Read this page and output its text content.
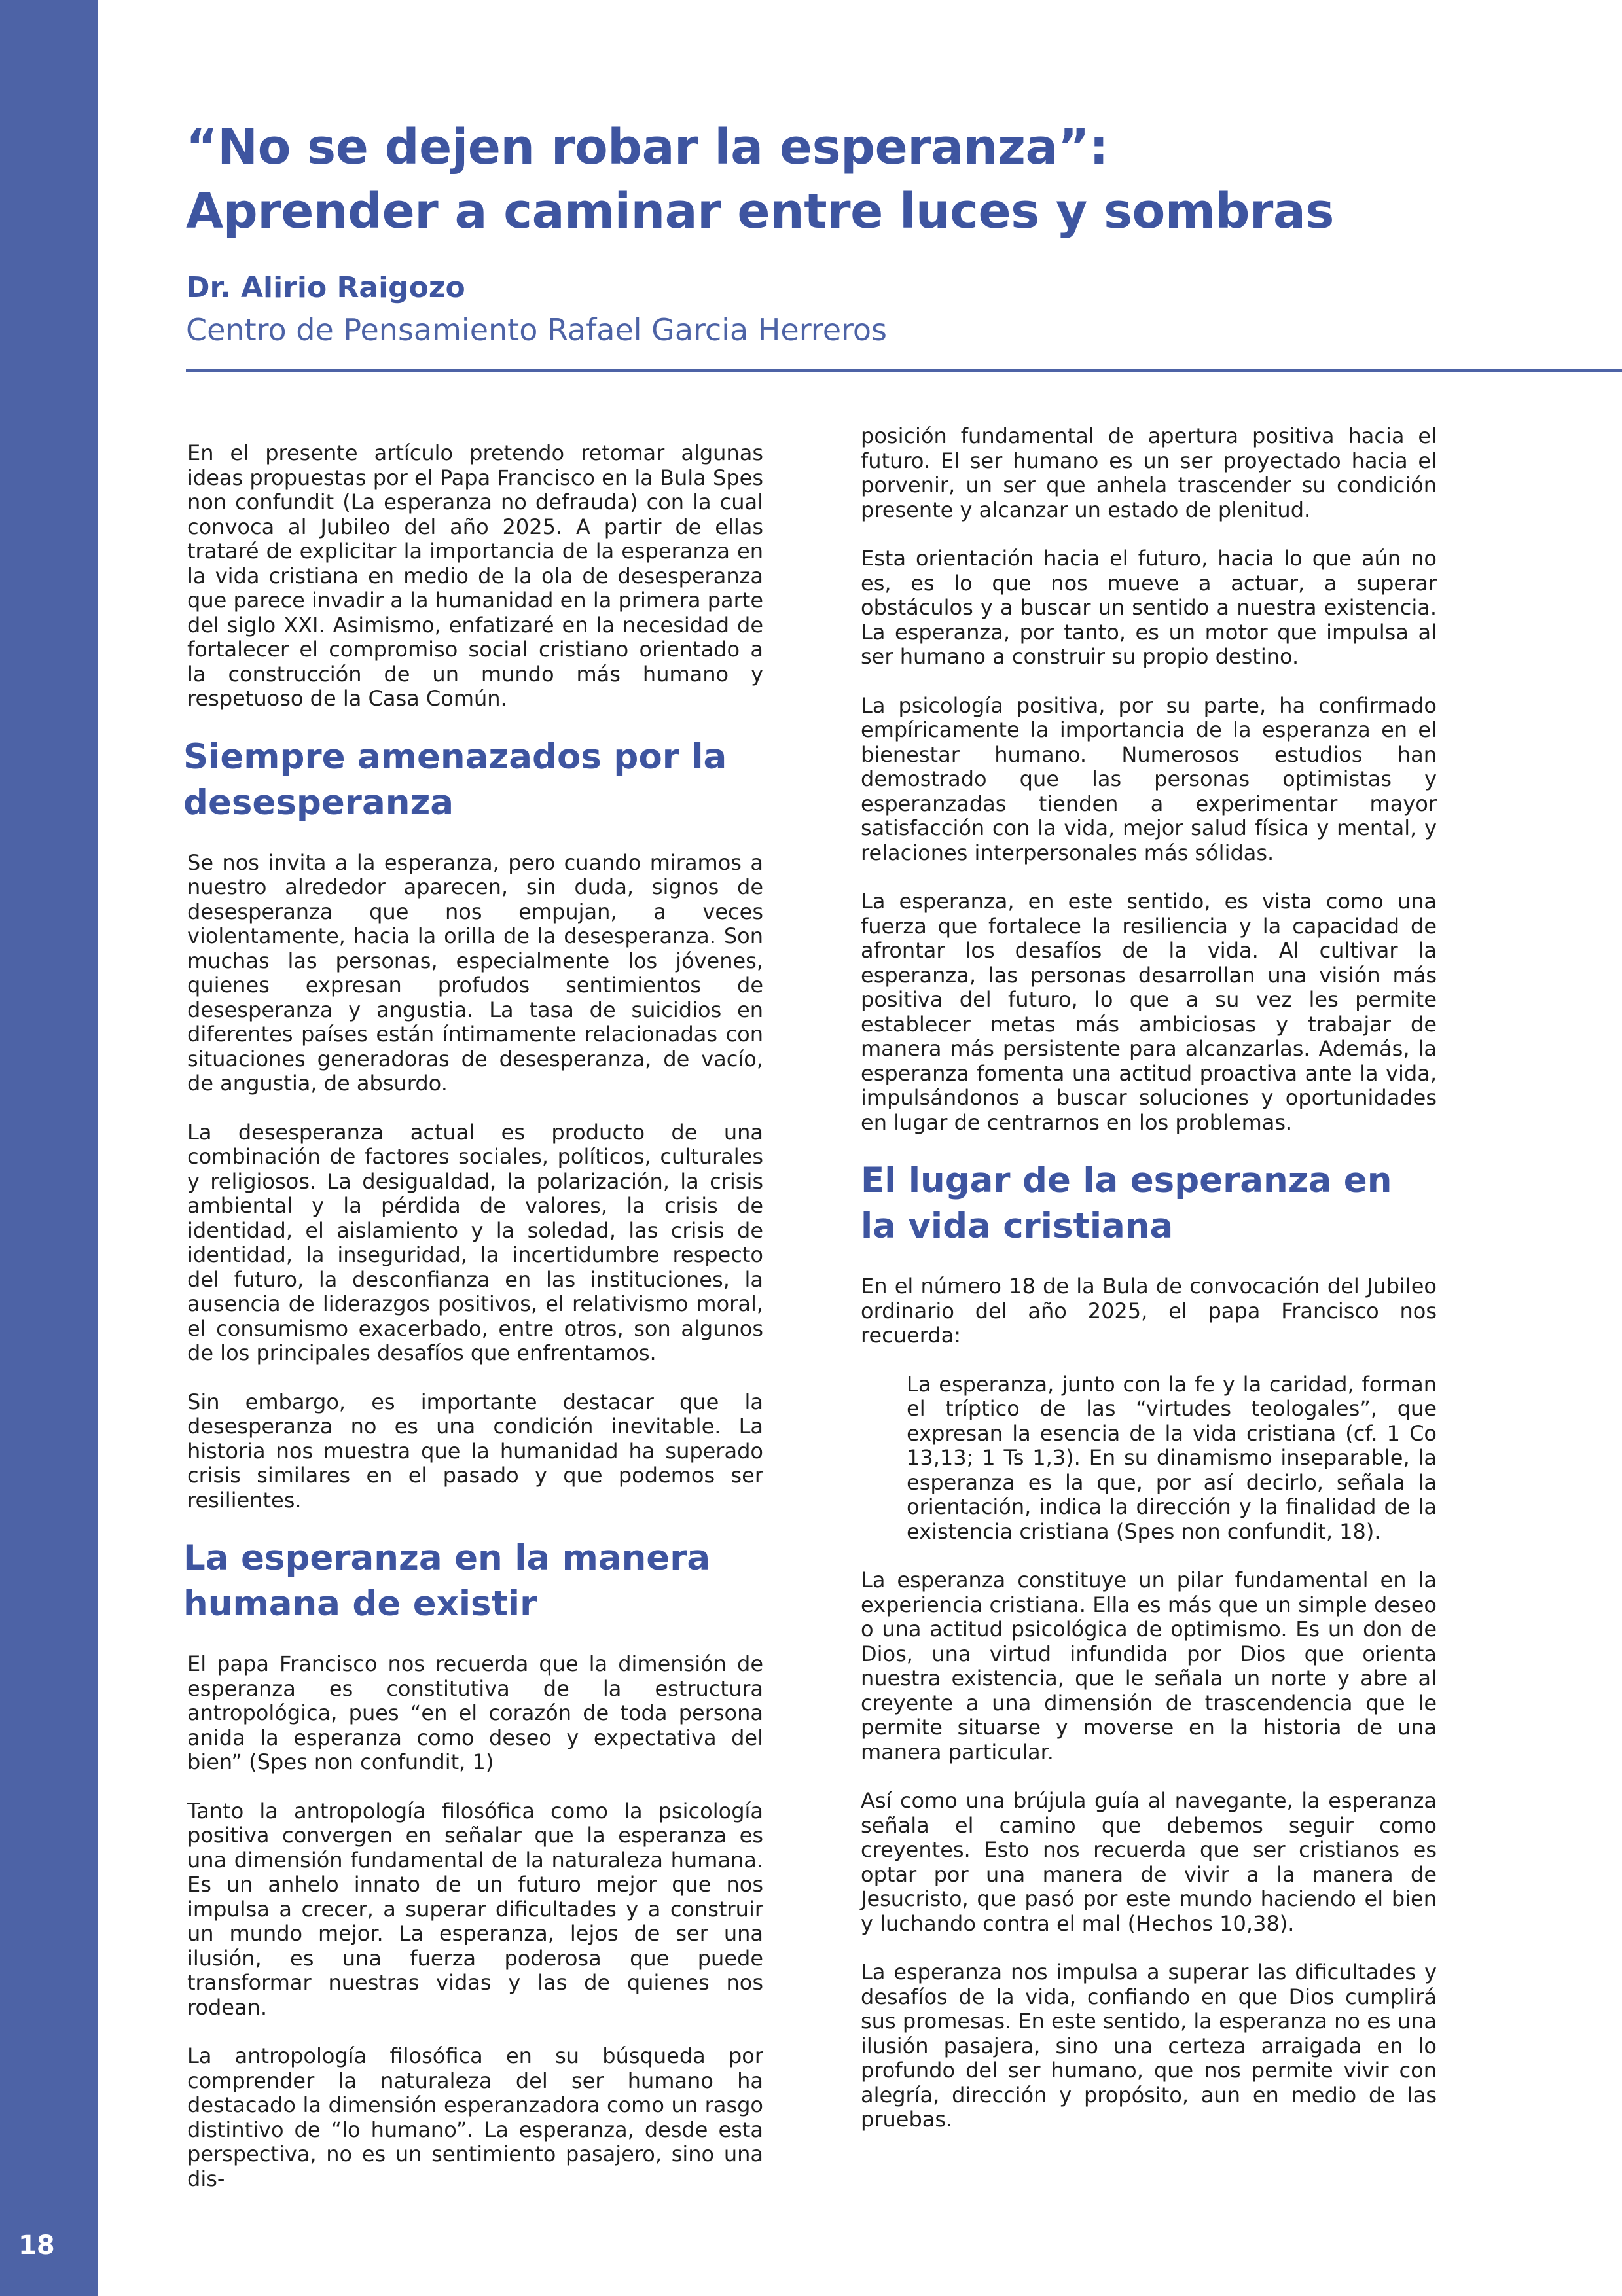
18
“No se dejen robar la esperanza”:
Aprender a caminar entre luces y sombras
Dr. Alirio Raigozo
Centro de Pensamiento Rafael Garcia Herreros

En el presente artículo pretendo retomar algunas ideas propuestas por el Papa Francisco en la Bula Spes non confundit (La esperanza no defrauda) con la cual convoca al Jubileo del año 2025. A partir de ellas trataré de explicitar la importancia de la esperanza en la vida cristiana en medio de la ola de desesperanza que parece invadir a la humanidad en la primera parte del siglo XXI. Asimismo, enfatizaré en la necesidad de fortalecer el compromiso social cristiano orientado a la construcción de un mundo más humano y respetuoso de la Casa Común.

Siempre amenazados por la desesperanza

Se nos invita a la esperanza, pero cuando miramos a nuestro alrededor aparecen, sin duda, signos de desesperanza que nos empujan, a veces violentamente, hacia la orilla de la desesperanza. Son muchas las personas, especialmente los jóvenes, quienes expresan profudos sentimientos de desesperanza y angustia. La tasa de suicidios en diferentes países están íntimamente relacionadas con situaciones generadoras de desesperanza, de vacío, de angustia, de absurdo.

La desesperanza actual es producto de una combinación de factores sociales, políticos, culturales y religiosos. La desigualdad, la polarización, la crisis ambiental y la pérdida de valores, la crisis de identidad, el aislamiento y la soledad, las crisis de identidad, la inseguridad, la incertidumbre respecto del futuro, la desconfianza en las instituciones, la ausencia de liderazgos positivos, el relativismo moral, el consumismo exacerbado, entre otros, son algunos de los principales desafíos que enfrentamos.

Sin embargo, es importante destacar que la desesperanza no es una condición inevitable. La historia nos muestra que la humanidad ha superado crisis similares en el pasado y que podemos ser resilientes.

La esperanza en la manera humana de existir

El papa Francisco nos recuerda que la dimensión de esperanza es constitutiva de la estructura antropológica, pues “en el corazón de toda persona anida la esperanza como deseo y expectativa del bien” (Spes non confundit, 1)

Tanto la antropología filosófica como la psicología positiva convergen en señalar que la esperanza es una dimensión fundamental de la naturaleza humana. Es un anhelo innato de un futuro mejor que nos impulsa a crecer, a superar dificultades y a construir un mundo mejor. La esperanza, lejos de ser una ilusión, es una fuerza poderosa que puede transformar nuestras vidas y las de quienes nos rodean.

La antropología filosófica en su búsqueda por comprender la naturaleza del ser humano ha destacado la dimensión esperanzadora como un rasgo distintivo de “lo humano”. La esperanza, desde esta perspectiva, no es un sentimiento pasajero, sino una dis-

posición fundamental de apertura positiva hacia el futuro. El ser humano es un ser proyectado hacia el porvenir, un ser que anhela trascender su condición presente y alcanzar un estado de plenitud.

Esta orientación hacia el futuro, hacia lo que aún no es, es lo que nos mueve a actuar, a superar obstáculos y a buscar un sentido a nuestra existencia. La esperanza, por tanto, es un motor que impulsa al ser humano a construir su propio destino.

La psicología positiva, por su parte, ha confirmado empíricamente la importancia de la esperanza en el bienestar humano. Numerosos estudios han demostrado que las personas optimistas y esperanzadas tienden a experimentar mayor satisfacción con la vida, mejor salud física y mental, y relaciones interpersonales más sólidas.

La esperanza, en este sentido, es vista como una fuerza que fortalece la resiliencia y la capacidad de afrontar los desafíos de la vida. Al cultivar la esperanza, las personas desarrollan una visión más positiva del futuro, lo que a su vez les permite establecer metas más ambiciosas y trabajar de manera más persistente para alcanzarlas. Además, la esperanza fomenta una actitud proactiva ante la vida, impulsándonos a buscar soluciones y oportunidades en lugar de centrarnos en los problemas.

El lugar de la esperanza en la vida cristiana

En el número 18 de la Bula de convocación del Jubileo ordinario del año 2025, el papa Francisco nos recuerda:

La esperanza, junto con la fe y la caridad, forman el tríptico de las “virtudes teologales”, que expresan la esencia de la vida cristiana (cf. 1 Co 13,13; 1 Ts 1,3). En su dinamismo inseparable, la esperanza es la que, por así decirlo, señala la orientación, indica la dirección y la finalidad de la existencia cristiana (Spes non confundit, 18).

La esperanza constituye un pilar fundamental en la experiencia cristiana. Ella es más que un simple deseo o una actitud psicológica de optimismo. Es un don de Dios, una virtud infundida por Dios que orienta nuestra existencia, que le señala un norte y abre al creyente a una dimensión de trascendencia que le permite situarse y moverse en la historia de una manera particular.

Así como una brújula guía al navegante, la esperanza señala el camino que debemos seguir como creyentes. Esto nos recuerda que ser cristianos es optar por una manera de vivir a la manera de Jesucristo, que pasó por este mundo haciendo el bien y luchando contra el mal (Hechos 10,38).

La esperanza nos impulsa a superar las dificultades y desafíos de la vida, confiando en que Dios cumplirá sus promesas. En este sentido, la esperanza no es una ilusión pasajera, sino una certeza arraigada en lo profundo del ser humano, que nos permite vivir con alegría, dirección y propósito, aun en medio de las pruebas.
